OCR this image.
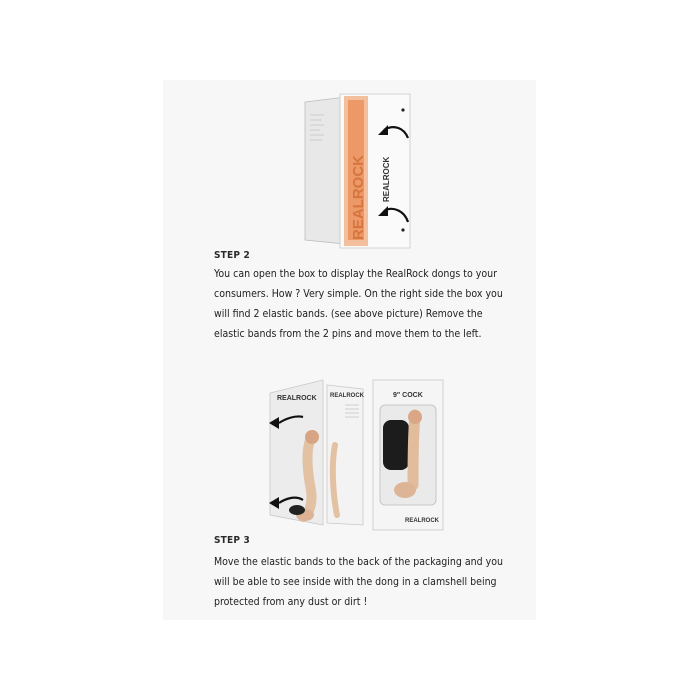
REALROCK REALROCK
STEP 2
You can open the box to display the RealRock dongs to your
consumers. How ? Very simple. On the right side the box you
will find 2 elastic bands. (see above picture) Remove the
elastic bands from the 2 pins and move them to the left.
REALROCK REALROCK	9" COCK
REALROCK
STEP 3
Move the elastic bands to the back of the packaging and you
will be able to see inside with the dong in a clamshell being
protected from any dust or dirt !
